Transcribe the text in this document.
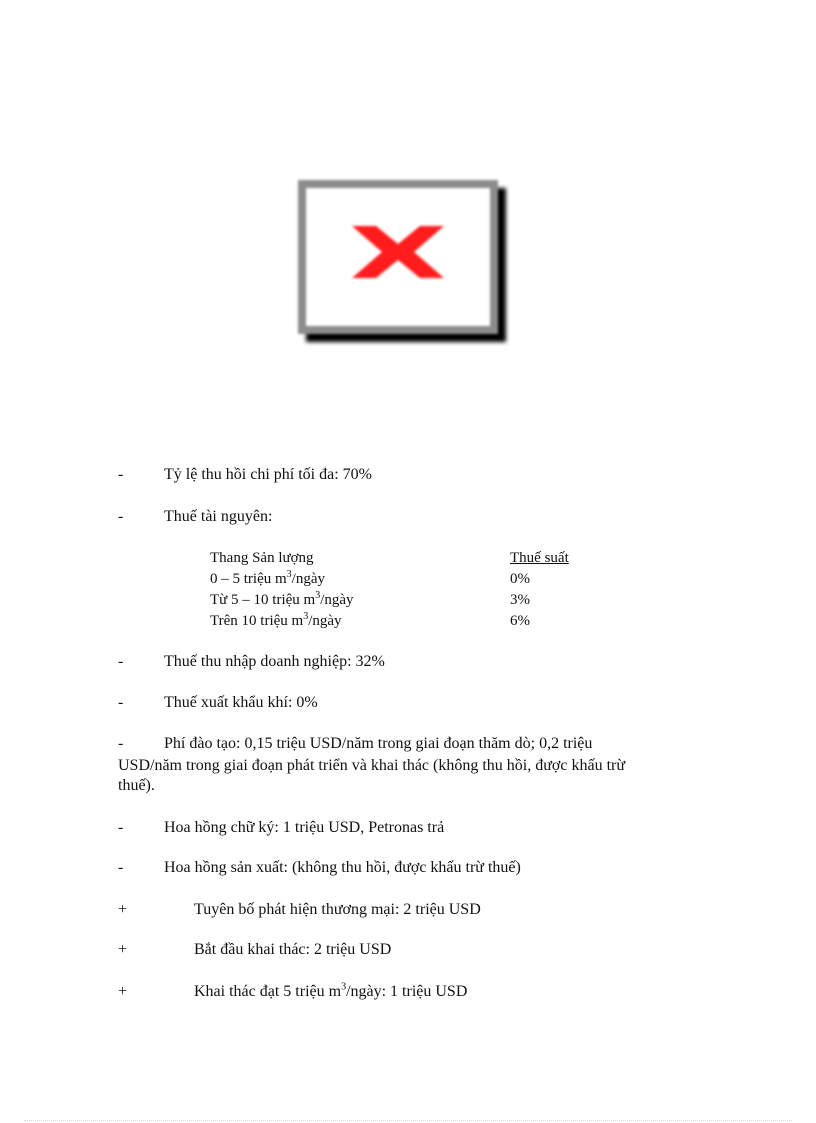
-	Tỷ lệ thu hồi chi phí tối đa: 70%
-	Thuế tài nguyên:
Thang Sản lượng	Thuế suất
0 – 5 triệu $m^3$/ngày	0%
Từ 5 – 10 triệu $m^3$/ngày	3%
Trên 10 triệu $m^3$/ngày	6%
-	Thuế thu nhập doanh nghiệp: 32%
-	Thuế xuất khẩu khí: 0%
-	Phí đào tạo: 0,15 triệu USD/năm trong giai đoạn thăm dò; 0,2 triệu
USD/năm trong giai đoạn phát triển và khai thác (không thu hồi, được khấu trừ
thuế).
-	Hoa hồng chữ ký: 1 triệu USD, Petronas trả
-	Hoa hồng sản xuất: (không thu hồi, được khấu trừ thuế)
+	Tuyên bố phát hiện thương mại: 2 triệu USD
+	Bắt đầu khai thác: 2 triệu USD
+	Khai thác đạt 5 triệu $m^3$/ngày: 1 triệu USD
